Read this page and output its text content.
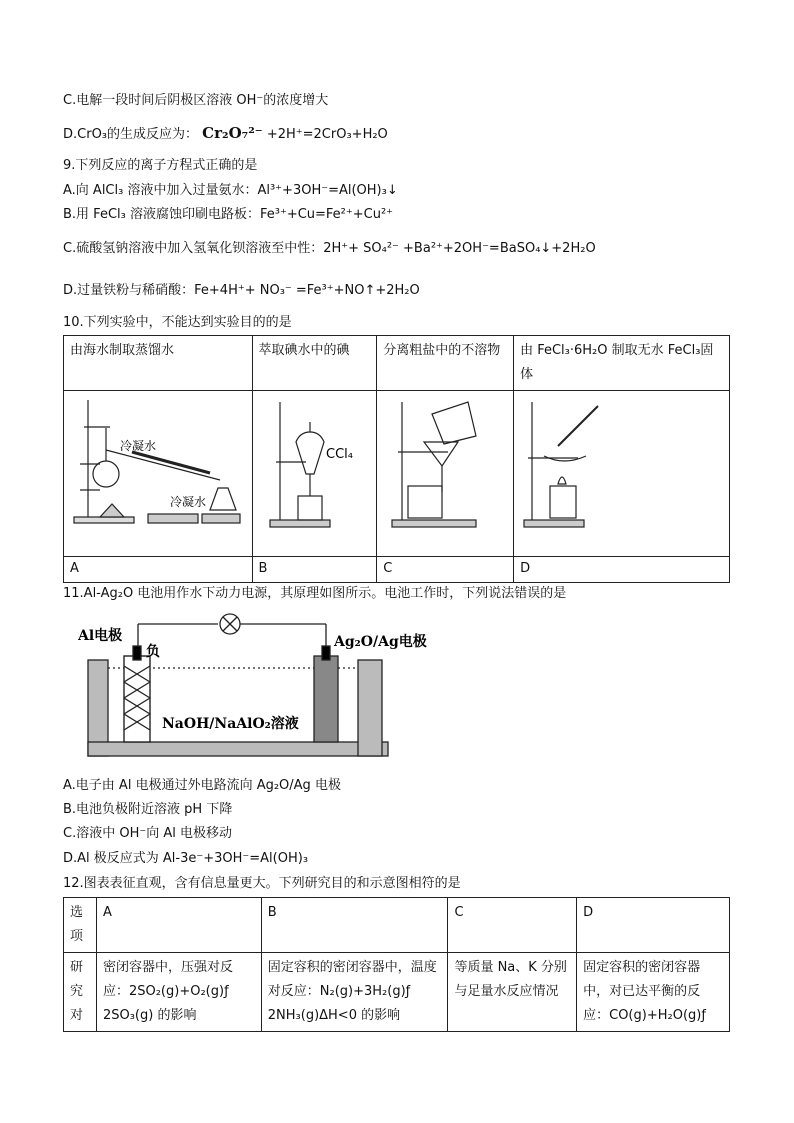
C.电解一段时间后阴极区溶液 OH⁻的浓度增大
D.CrO₃的生成反应为： Cr₂O₇²⁻ +2H⁺=2CrO₃+H₂O
9.下列反应的离子方程式正确的是
A.向 AlCl₃ 溶液中加入过量氨水：Al³⁺+3OH⁻=Al(OH)₃↓
B.用 FeCl₃ 溶液腐蚀印刷电路板：Fe³⁺+Cu=Fe²⁺+Cu²⁺
C.硫酸氢钠溶液中加入氢氧化钡溶液至中性：2H⁺+ SO₄²⁻ +Ba²⁺+2OH⁻=BaSO₄↓+2H₂O
D.过量铁粉与稀硝酸：Fe+4H⁺+ NO₃⁻ =Fe³⁺+NO↑+2H₂O
10.下列实验中，不能达到实验目的的是
由海水制取蒸馏水	萃取碘水中的碘	分离粗盐中的不溶物	由 FeCl₃·6H₂O 制取无水 FeCl₃固体

A	B	C	D
冷凝水
冷凝水
CCl₄
11.Al-Ag₂O 电池用作水下动力电源，其原理如图所示。电池工作时，下列说法错误的是
Al电极
负
Ag₂O/Ag电极
NaOH/NaAlO₂溶液
A.电子由 Al 电极通过外电路流向 Ag₂O/Ag 电极
B.电池负极附近溶液 pH 下降
C.溶液中 OH⁻向 Al 电极移动
D.Al 极反应式为 Al-3e⁻+3OH⁻=Al(OH)₃
12.图表表征直观，含有信息量更大。下列研究目的和示意图相符的是
选项	A	B	C	D
研究对	密闭容器中，压强对反应：2SO₂(g)+O₂(g)ƒ 2SO₃(g) 的影响	固定容积的密闭容器中，温度对反应：N₂(g)+3H₂(g)ƒ 2NH₃(g)ΔH<0 的影响	等质量 Na、K 分别与足量水反应情况	固定容积的密闭容器中，对已达平衡的反应：CO(g)+H₂O(g)ƒ
